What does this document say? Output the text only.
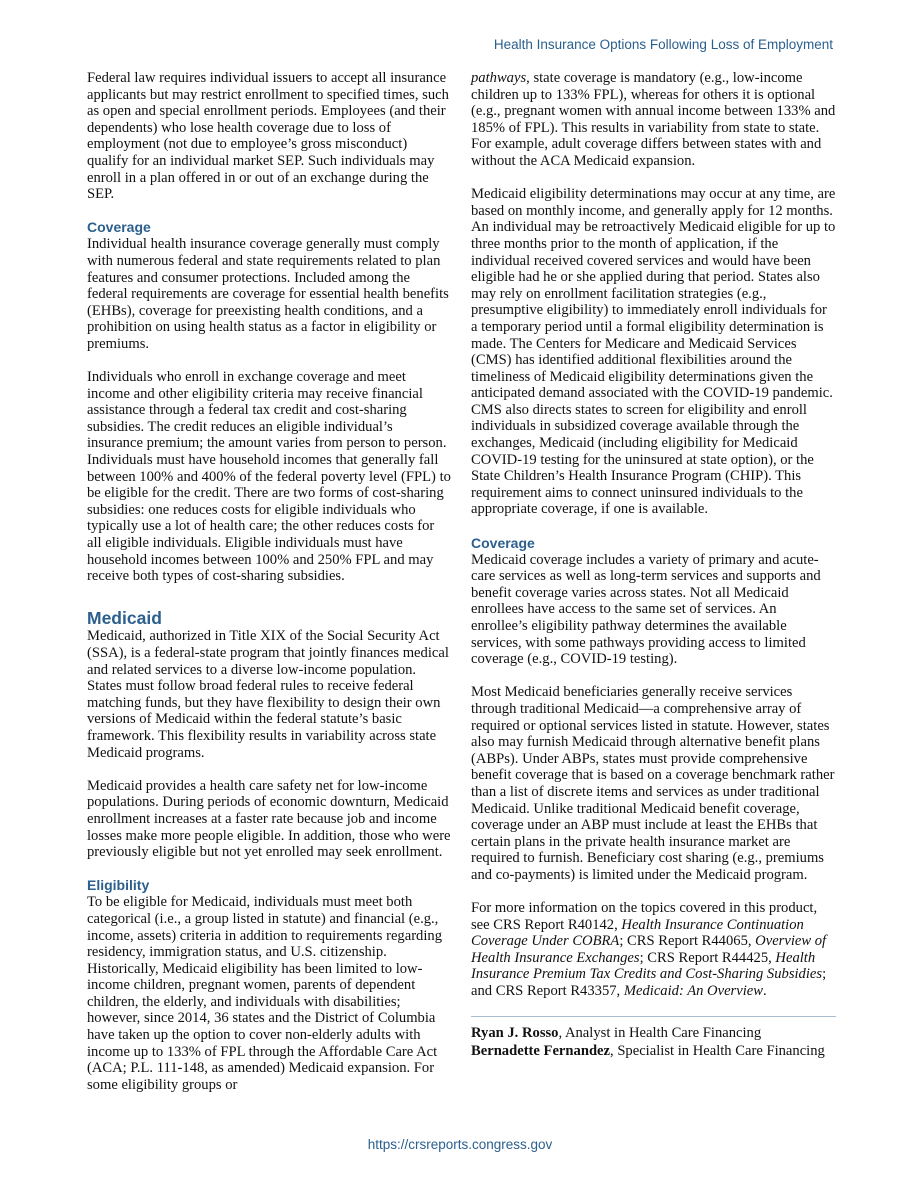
Health Insurance Options Following Loss of Employment

Federal law requires individual issuers to accept all insurance applicants but may restrict enrollment to specified times, such as open and special enrollment periods. Employees (and their dependents) who lose health coverage due to loss of employment (not due to employee’s gross misconduct) qualify for an individual market SEP. Such individuals may enroll in a plan offered in or out of an exchange during the SEP.

Coverage

Individual health insurance coverage generally must comply with numerous federal and state requirements related to plan features and consumer protections. Included among the federal requirements are coverage for essential health benefits (EHBs), coverage for preexisting health conditions, and a prohibition on using health status as a factor in eligibility or premiums.

Individuals who enroll in exchange coverage and meet income and other eligibility criteria may receive financial assistance through a federal tax credit and cost-sharing subsidies. The credit reduces an eligible individual’s insurance premium; the amount varies from person to person. Individuals must have household incomes that generally fall between 100% and 400% of the federal poverty level (FPL) to be eligible for the credit. There are two forms of cost-sharing subsidies: one reduces costs for eligible individuals who typically use a lot of health care; the other reduces costs for all eligible individuals. Eligible individuals must have household incomes between 100% and 250% FPL and may receive both types of cost-sharing subsidies.

Medicaid

Medicaid, authorized in Title XIX of the Social Security Act (SSA), is a federal-state program that jointly finances medical and related services to a diverse low-income population. States must follow broad federal rules to receive federal matching funds, but they have flexibility to design their own versions of Medicaid within the federal statute’s basic framework. This flexibility results in variability across state Medicaid programs.

Medicaid provides a health care safety net for low-income populations. During periods of economic downturn, Medicaid enrollment increases at a faster rate because job and income losses make more people eligible. In addition, those who were previously eligible but not yet enrolled may seek enrollment.

Eligibility

To be eligible for Medicaid, individuals must meet both categorical (i.e., a group listed in statute) and financial (e.g., income, assets) criteria in addition to requirements regarding residency, immigration status, and U.S. citizenship. Historically, Medicaid eligibility has been limited to low-income children, pregnant women, parents of dependent children, the elderly, and individuals with disabilities; however, since 2014, 36 states and the District of Columbia have taken up the option to cover non-elderly adults with income up to 133% of FPL through the Affordable Care Act (ACA; P.L. 111-148, as amended) Medicaid expansion. For some eligibility groups or

pathways, state coverage is mandatory (e.g., low-income children up to 133% FPL), whereas for others it is optional (e.g., pregnant women with annual income between 133% and 185% of FPL). This results in variability from state to state. For example, adult coverage differs between states with and without the ACA Medicaid expansion.

Medicaid eligibility determinations may occur at any time, are based on monthly income, and generally apply for 12 months. An individual may be retroactively Medicaid eligible for up to three months prior to the month of application, if the individual received covered services and would have been eligible had he or she applied during that period. States also may rely on enrollment facilitation strategies (e.g., presumptive eligibility) to immediately enroll individuals for a temporary period until a formal eligibility determination is made. The Centers for Medicare and Medicaid Services (CMS) has identified additional flexibilities around the timeliness of Medicaid eligibility determinations given the anticipated demand associated with the COVID-19 pandemic. CMS also directs states to screen for eligibility and enroll individuals in subsidized coverage available through the exchanges, Medicaid (including eligibility for Medicaid COVID-19 testing for the uninsured at state option), or the State Children’s Health Insurance Program (CHIP). This requirement aims to connect uninsured individuals to the appropriate coverage, if one is available.

Coverage

Medicaid coverage includes a variety of primary and acute-care services as well as long-term services and supports and benefit coverage varies across states. Not all Medicaid enrollees have access to the same set of services. An enrollee’s eligibility pathway determines the available services, with some pathways providing access to limited coverage (e.g., COVID-19 testing).

Most Medicaid beneficiaries generally receive services through traditional Medicaid—a comprehensive array of required or optional services listed in statute. However, states also may furnish Medicaid through alternative benefit plans (ABPs). Under ABPs, states must provide comprehensive benefit coverage that is based on a coverage benchmark rather than a list of discrete items and services as under traditional Medicaid. Unlike traditional Medicaid benefit coverage, coverage under an ABP must include at least the EHBs that certain plans in the private health insurance market are required to furnish. Beneficiary cost sharing (e.g., premiums and co-payments) is limited under the Medicaid program.

For more information on the topics covered in this product, see CRS Report R40142, Health Insurance Continuation Coverage Under COBRA; CRS Report R44065, Overview of Health Insurance Exchanges; CRS Report R44425, Health Insurance Premium Tax Credits and Cost-Sharing Subsidies; and CRS Report R43357, Medicaid: An Overview.

Ryan J. Rosso, Analyst in Health Care Financing

Bernadette Fernandez, Specialist in Health Care Financing

https://crsreports.congress.gov
